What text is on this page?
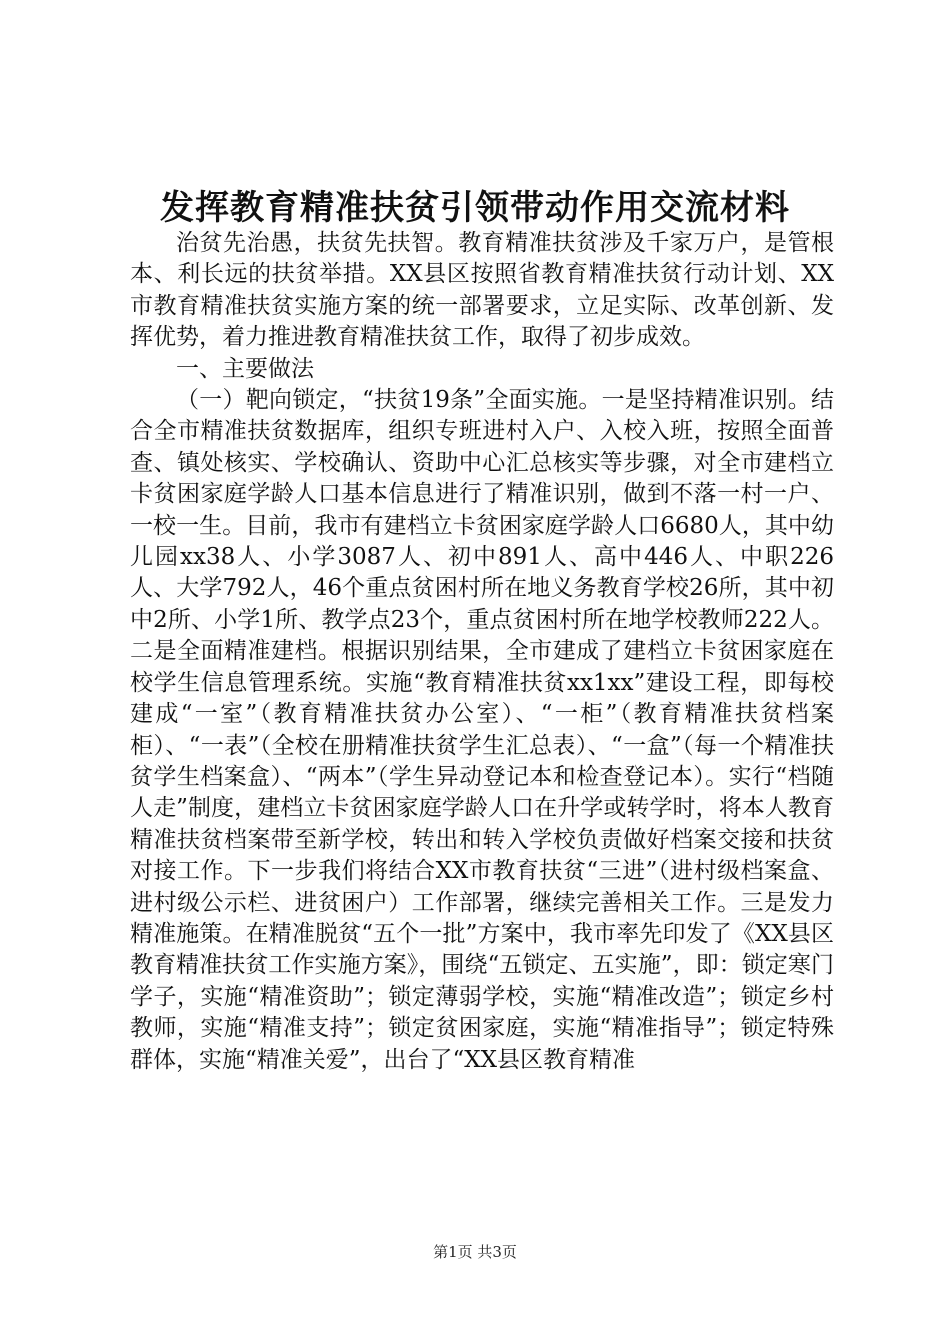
发挥教育精准扶贫引领带动作用交流材料

治贫先治愚，扶贫先扶智。教育精准扶贫涉及千家万户，是管根本、利长远的扶贫举措。XX县区按照省教育精准扶贫行动计划、XX市教育精准扶贫实施方案的统一部署要求，立足实际、改革创新、发挥优势，着力推进教育精准扶贫工作，取得了初步成效。

一、主要做法

（一）靶向锁定，“扶贫19条”全面实施。一是坚持精准识别。结合全市精准扶贫数据库，组织专班进村入户、入校入班，按照全面普查、镇处核实、学校确认、资助中心汇总核实等步骤，对全市建档立卡贫困家庭学龄人口基本信息进行了精准识别，做到不落一村一户、一校一生。目前，我市有建档立卡贫困家庭学龄人口6680人，其中幼儿园xx38人、小学3087人、初中891人、高中446人、中职226人、大学792人，46个重点贫困村所在地义务教育学校26所，其中初中2所、小学1所、教学点23个，重点贫困村所在地学校教师222人。二是全面精准建档。根据识别结果，全市建成了建档立卡贫困家庭在校学生信息管理系统。实施“教育精准扶贫xx1xx”建设工程，即每校建成“一室”（教育精准扶贫办公室）、“一柜”（教育精准扶贫档案柜）、“一表”（全校在册精准扶贫学生汇总表）、“一盒”（每一个精准扶贫学生档案盒）、“两本”（学生异动登记本和检查登记本）。实行“档随人走”制度，建档立卡贫困家庭学龄人口在升学或转学时，将本人教育精准扶贫档案带至新学校，转出和转入学校负责做好档案交接和扶贫对接工作。下一步我们将结合XX市教育扶贫“三进”（进村级档案盒、进村级公示栏、进贫困户）工作部署，继续完善相关工作。三是发力精准施策。在精准脱贫“五个一批”方案中，我市率先印发了《XX县区教育精准扶贫工作实施方案》，围绕“五锁定、五实施”，即：锁定寒门学子，实施“精准资助”；锁定薄弱学校，实施“精准改造”；锁定乡村教师，实施“精准支持”；锁定贫困家庭，实施“精准指导”；锁定特殊群体，实施“精准关爱”，出台了“XX县区教育精准

第1页 共3页
